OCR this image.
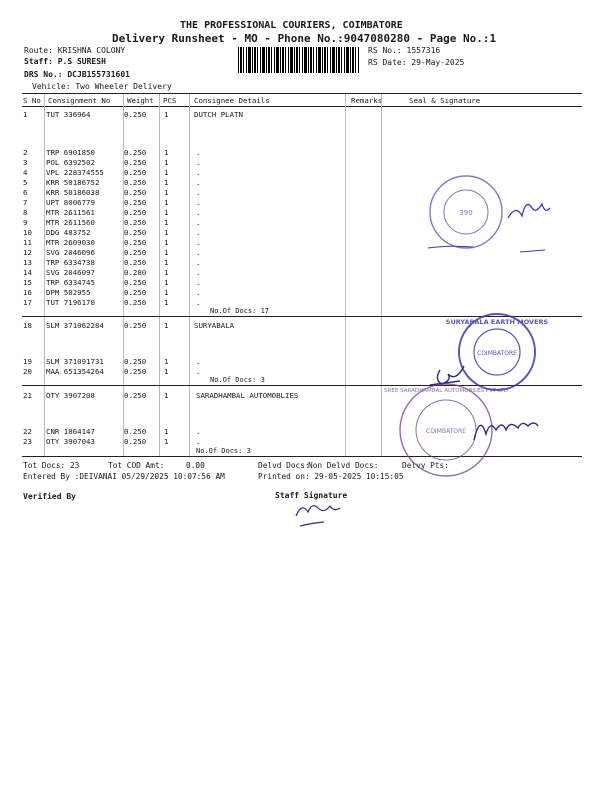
THE PROFESSIONAL COURIERS, COIMBATORE
Delivery Runsheet - MO - Phone No.:9047080280 - Page No.:1
Route: KRISHNA COLONY
Staff: P.S SURESH
DRS No.: DCJB155731601
Vehicle: Two Wheeler Delivery
RS No.: 1557316
RS Date: 29-May-2025
S No Consignment No Weight PCS Consignee Details	Remarks	Seal & Signature
1	TUT 336964	0.250 1	DUTCH PLATN
2	TRP 6901850	0.250 1	.
3	POL 6392502	0.250 1	.
4	VPL 228374555	0.250 1	.
5	KRR 50186752	0.250 1	.
6	KRR 50186038	0.250 1	.
7	UPT 8006779	0.250 1	.
8	MTR 2611561	0.250 1	.
9	MTR 2611560	0.250 1	.
10 DDG 483752	0.250 1	.
11 MTR 2609030	0.250 1	.
12 SVG 2046096	0.250 1	.
13 TRP 6334738	0.250 1	.
14 SVG 2046097	0.280 1	.
15 TRP 6334745	0.250 1	.
16 DPM 502955	0.250 1	.
17 TUT 7196170	0.250 1	.
No.Of Docs: 17
18 SLM 371062284	0.250 1	SURYABALA
19 SLM 371091731	0.250 1	.
20 MAA 651354264	0.250 1	.
No.Of Docs: 3
21 OTY 3907208	0.250 1	SARADHAMBAL AUTOMOBLIES
22 CNR 1864147	0.250 1	.
23 OTY 3907043	0.250 1	.
No.Of Docs: 3
Tot Docs: 23	Tot COD Amt:	0.00	Delvd Docs:
Non Delvd Docs:	Delvy Pts:
Entered By :DEIVANAI 05/29/2025 10:07:56 AM	Printed on: 29-05-2025 10:15:05
Verified By	Staff Signature
390
COIMBATORE
SURYABALA EARTH MOVERS
COIMBATORE
SREE SARADHAMBAL AUTOMOBILES PVT LTD
